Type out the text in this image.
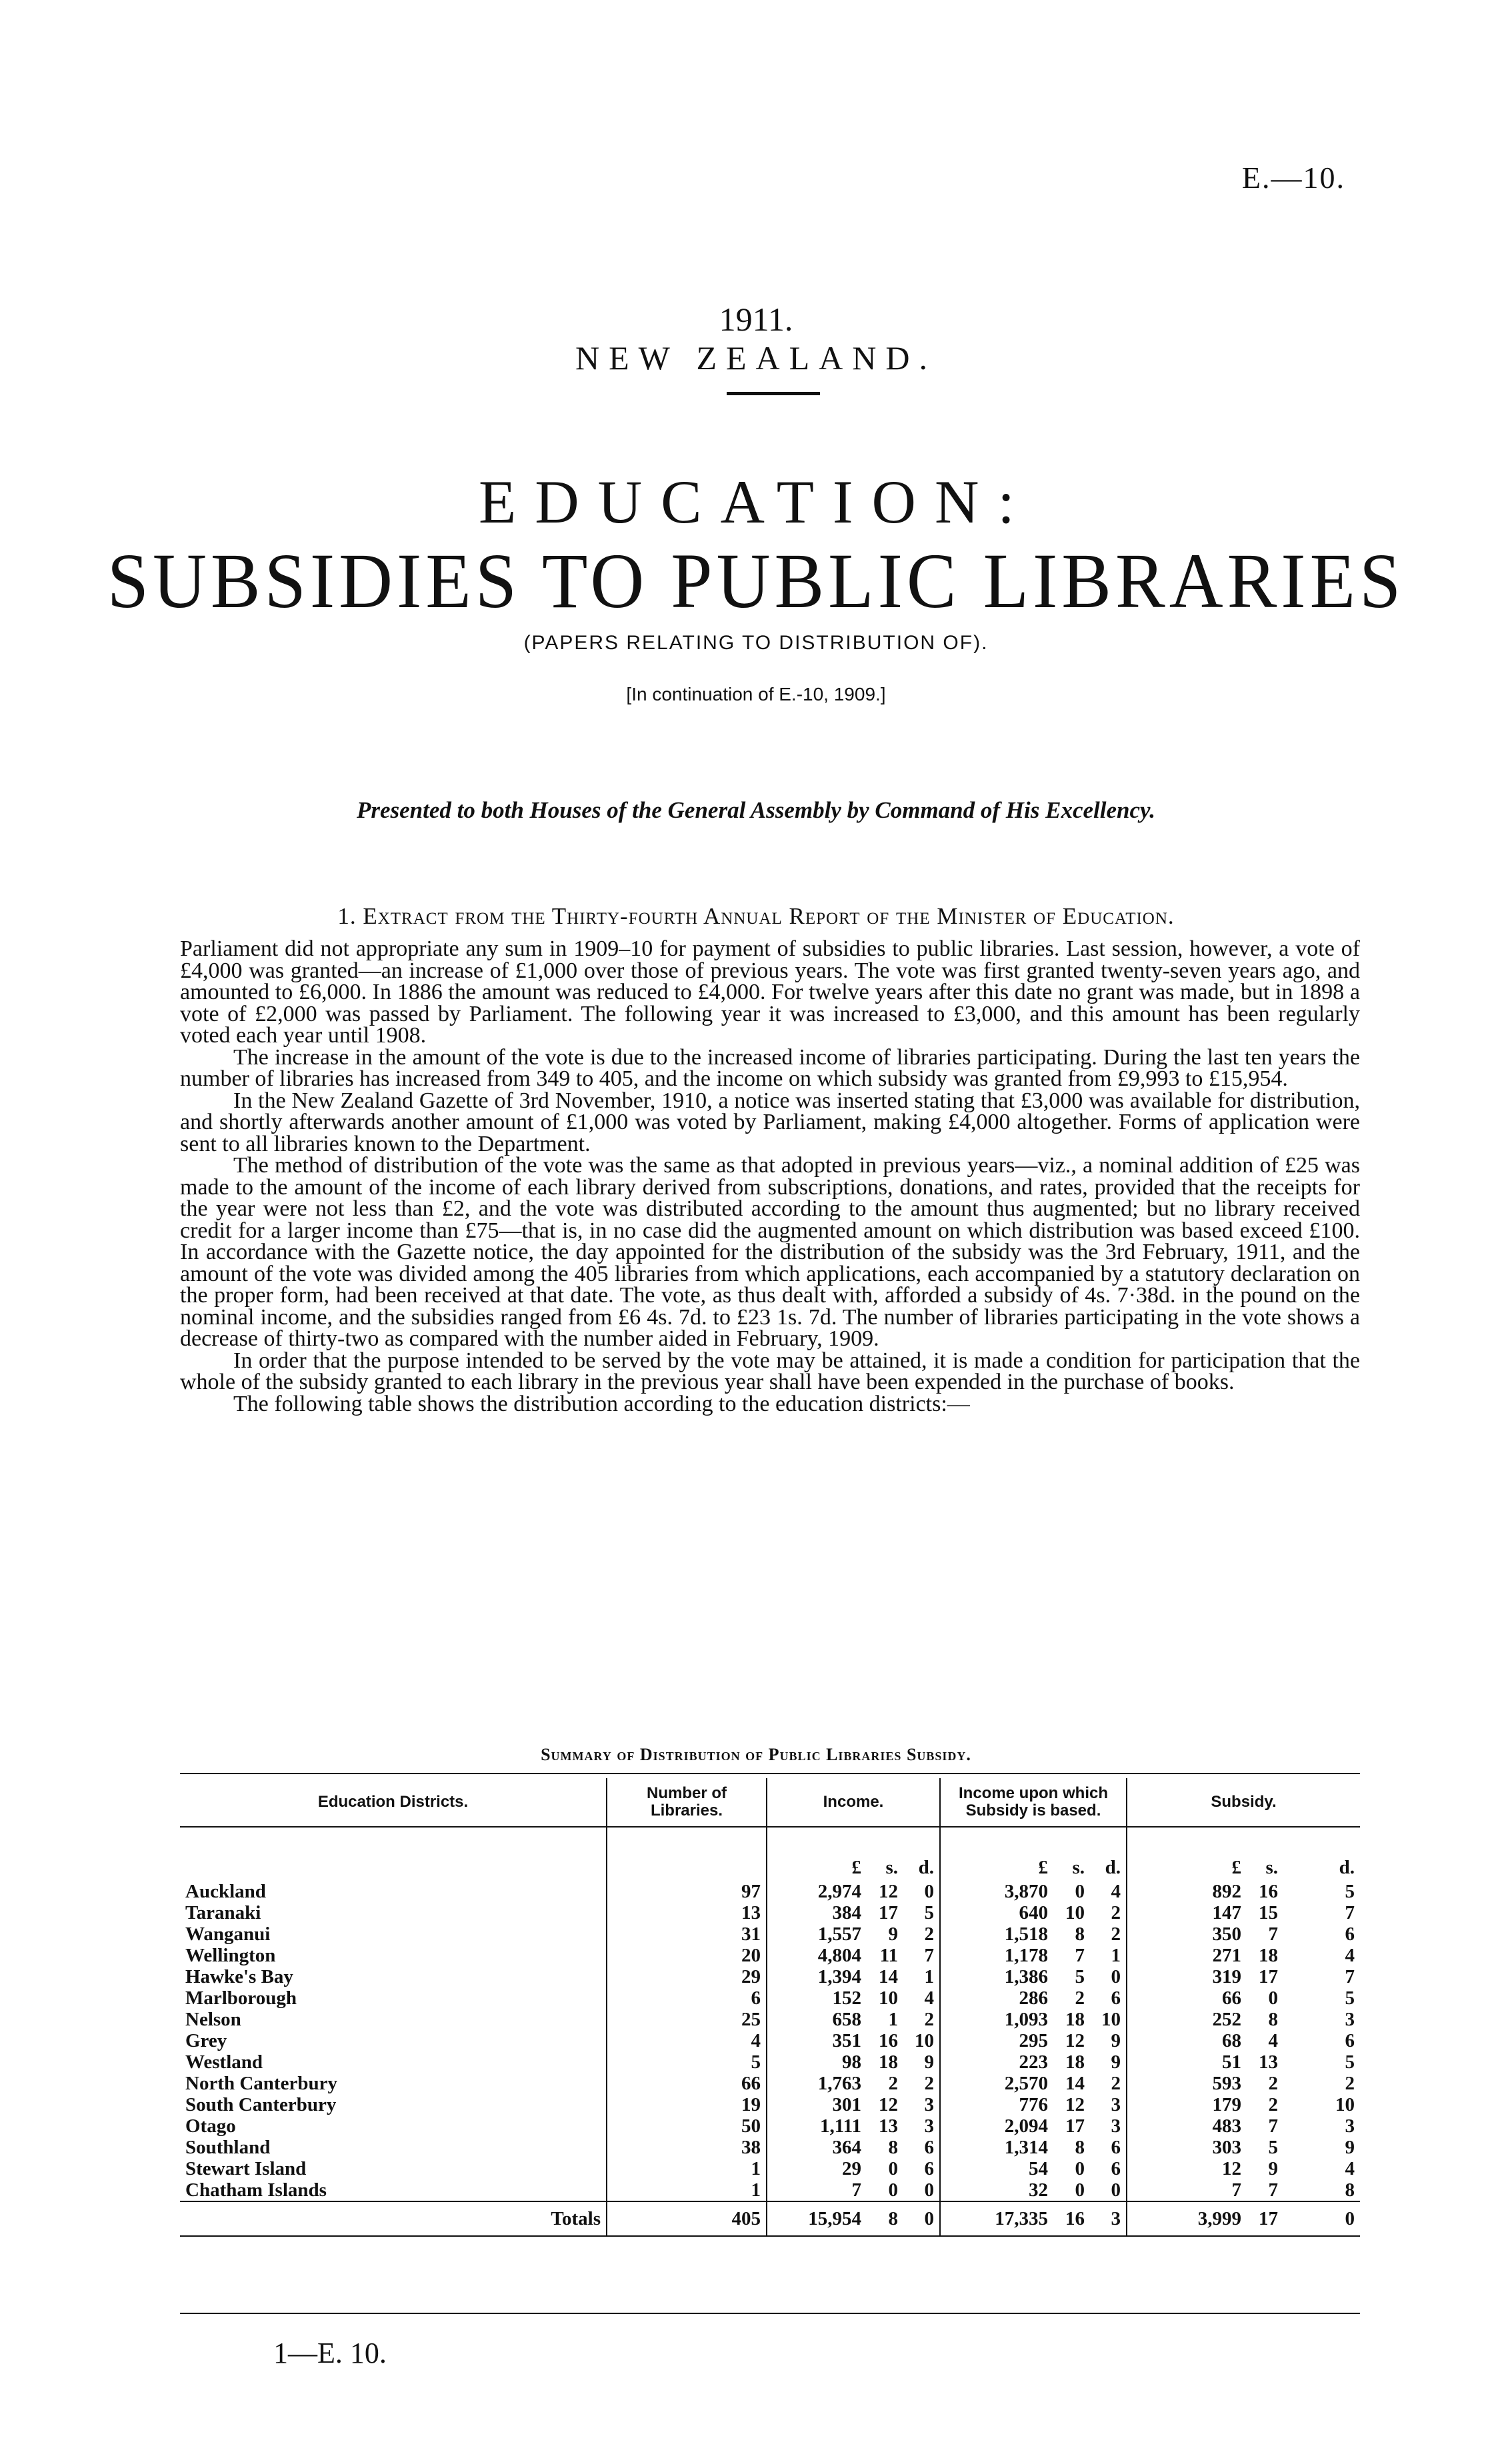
E.—10.
1911.
NEW ZEALAND.
EDUCATION:
SUBSIDIES TO PUBLIC LIBRARIES
(PAPERS RELATING TO DISTRIBUTION OF).
[In continuation of E.-10, 1909.]
Presented to both Houses of the General Assembly by Command of His Excellency.
1. Extract from the Thirty-fourth Annual Report of the Minister of Education.

Parliament did not appropriate any sum in 1909–10 for payment of subsidies to public libraries. Last session, however, a vote of £4,000 was granted—an increase of £1,000 over those of previous years. The vote was first granted twenty-seven years ago, and amounted to £6,000. In 1886 the amount was reduced to £4,000. For twelve years after this date no grant was made, but in 1898 a vote of £2,000 was passed by Parliament. The following year it was increased to £3,000, and this amount has been regularly voted each year until 1908.

The increase in the amount of the vote is due to the increased income of libraries participating. During the last ten years the number of libraries has increased from 349 to 405, and the income on which subsidy was granted from £9,993 to £15,954.

In the New Zealand Gazette of 3rd November, 1910, a notice was inserted stating that £3,000 was available for distribution, and shortly afterwards another amount of £1,000 was voted by Parliament, making £4,000 altogether. Forms of application were sent to all libraries known to the Department.

The method of distribution of the vote was the same as that adopted in previous years—viz., a nominal addition of £25 was made to the amount of the income of each library derived from subscriptions, donations, and rates, provided that the receipts for the year were not less than £2, and the vote was distributed according to the amount thus augmented; but no library received credit for a larger income than £75—that is, in no case did the augmented amount on which distribution was based exceed £100. In accordance with the Gazette notice, the day appointed for the distribution of the subsidy was the 3rd February, 1911, and the amount of the vote was divided among the 405 libraries from which applications, each accompanied by a statutory declaration on the proper form, had been received at that date. The vote, as thus dealt with, afforded a subsidy of 4s. 7·38d. in the pound on the nominal income, and the subsidies ranged from £6 4s. 7d. to £23 1s. 7d. The number of libraries participating in the vote shows a decrease of thirty-two as compared with the number aided in February, 1909.

In order that the purpose intended to be served by the vote may be attained, it is made a condition for participation that the whole of the subsidy granted to each library in the previous year shall have been expended in the purchase of books.

The following table shows the distribution according to the education districts:—

Summary of Distribution of Public Libraries Subsidy.
Education Districts.	Number of Libraries.	Income.			Income upon which Subsidy is based.			Subsidy.		
		£	s.	d.	£	s.	d.	£	s.	d.
Auckland	97	2,974	12	0	3,870	0	4	892	16	5
Taranaki	13	384	17	5	640	10	2	147	15	7
Wanganui	31	1,557	9	2	1,518	8	2	350	7	6
Wellington	20	4,804	11	7	1,178	7	1	271	18	4
Hawke's Bay	29	1,394	14	1	1,386	5	0	319	17	7
Marlborough	6	152	10	4	286	2	6	66	0	5
Nelson	25	658	1	2	1,093	18	10	252	8	3
Grey	4	351	16	10	295	12	9	68	4	6
Westland	5	98	18	9	223	18	9	51	13	5
North Canterbury	66	1,763	2	2	2,570	14	2	593	2	2
South Canterbury	19	301	12	3	776	12	3	179	2	10
Otago	50	1,111	13	3	2,094	17	3	483	7	3
Southland	38	364	8	6	1,314	8	6	303	5	9
Stewart Island	1	29	0	6	54	0	6	12	9	4
Chatham Islands	1	7	0	0	32	0	0	7	7	8
Totals	405	15,954	8	0	17,335	16	3	3,999	17	0
1—E. 10.
